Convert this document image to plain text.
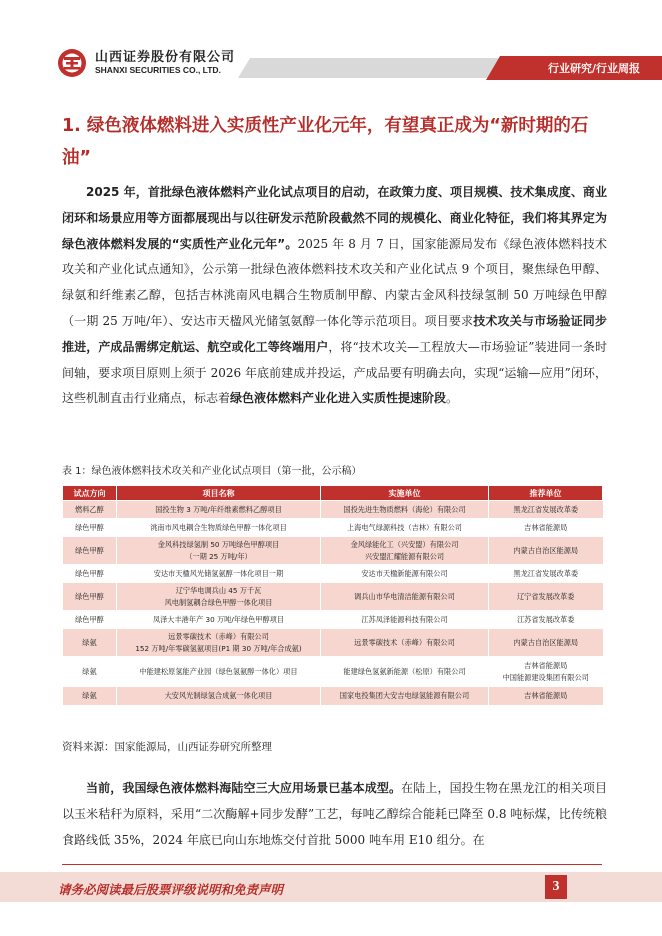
山西证券股份有限公司
SHANXI SECURITIES CO., LTD.	行业研究/行业周报
1. 绿色液体燃料进入实质性产业化元年，有望真正成为“新时期的石油”
2025 年，首批绿色液体燃料产业化试点项目的启动，在政策力度、项目规模、技术集成度、商业闭环和场景应用等方面都展现出与以往研发示范阶段截然不同的规模化、商业化特征，我们将其界定为绿色液体燃料发展的“实质性产业化元年”。2025 年 8 月 7 日，国家能源局发布《绿色液体燃料技术攻关和产业化试点通知》，公示第一批绿色液体燃料技术攻关和产业化试点 9 个项目，聚焦绿色甲醇、绿氨和纤维素乙醇，包括吉林洮南风电耦合生物质制甲醇、内蒙古金风科技绿氢制 50 万吨绿色甲醇（一期 25 万吨/年）、安达市天楹风光储氢氨醇一体化等示范项目。项目要求技术攻关与市场验证同步推进，产成品需绑定航运、航空或化工等终端用户，将“技术攻关—工程放大—市场验证”装进同一条时间轴，要求项目原则上须于 2026 年底前建成并投运，产成品要有明确去向，实现“运输—应用”闭环，这些机制直击行业痛点，标志着绿色液体燃料产业化进入实质性提速阶段。
表 1：绿色液体燃料技术攻关和产业化试点项目（第一批，公示稿）
试点方向	项目名称	实施单位	推荐单位
燃料乙醇	国投生物 3 万吨/年纤维素燃料乙醇项目	国投先进生物质燃料（海伦）有限公司	黑龙江省发展改革委

绿色甲醇	洮南市风电耦合生物质绿色甲醇一体化项目	上海电气绿源科技（吉林）有限公司	吉林省能源局

绿色甲醇	金风科技绿氢制 50 万吨绿色甲醇项目
（一期 25 万吨/年）	金风绿能化工（兴安盟）有限公司
兴安盟汇耀能源有限公司	内蒙古自治区能源局

绿色甲醇	安达市天楹风光储氢氨醇一体化项目一期	安达市天楹新能源有限公司	黑龙江省发展改革委

绿色甲醇	辽宁华电调兵山 45 万千瓦
风电制氢耦合绿色甲醇一体化项目	调兵山市华电清洁能源有限公司	辽宁省发展改革委

绿色甲醇	凤泽大丰港年产 30 万吨/年绿色甲醇项目	江苏凤泽能源科技有限公司	江苏省发展改革委

绿氨	远景零碳技术（赤峰）有限公司
152 万吨/年零碳氢氨项目(P1 期 30 万吨/年合成氨)	远景零碳技术（赤峰）有限公司	内蒙古自治区能源局

绿氨	中能建松原氢能产业园（绿色氢氨醇一体化）项目	能建绿色氢氨新能源（松原）有限公司	吉林省能源局
中国能源建设集团有限公司

绿氨	大安风光制绿氢合成氨一体化项目	国家电投集团大安吉电绿氢能源有限公司	吉林省能源局
资料来源：国家能源局，山西证券研究所整理
当前，我国绿色液体燃料海陆空三大应用场景已基本成型。在陆上，国投生物在黑龙江的相关项目以玉米秸秆为原料，采用“二次酶解+同步发酵”工艺，每吨乙醇综合能耗已降至 0.8 吨标煤，比传统粮食路线低 35%，2024 年底已向山东地炼交付首批 5000 吨车用 E10 组分。在
请务必阅读最后股票评级说明和免责声明	3
